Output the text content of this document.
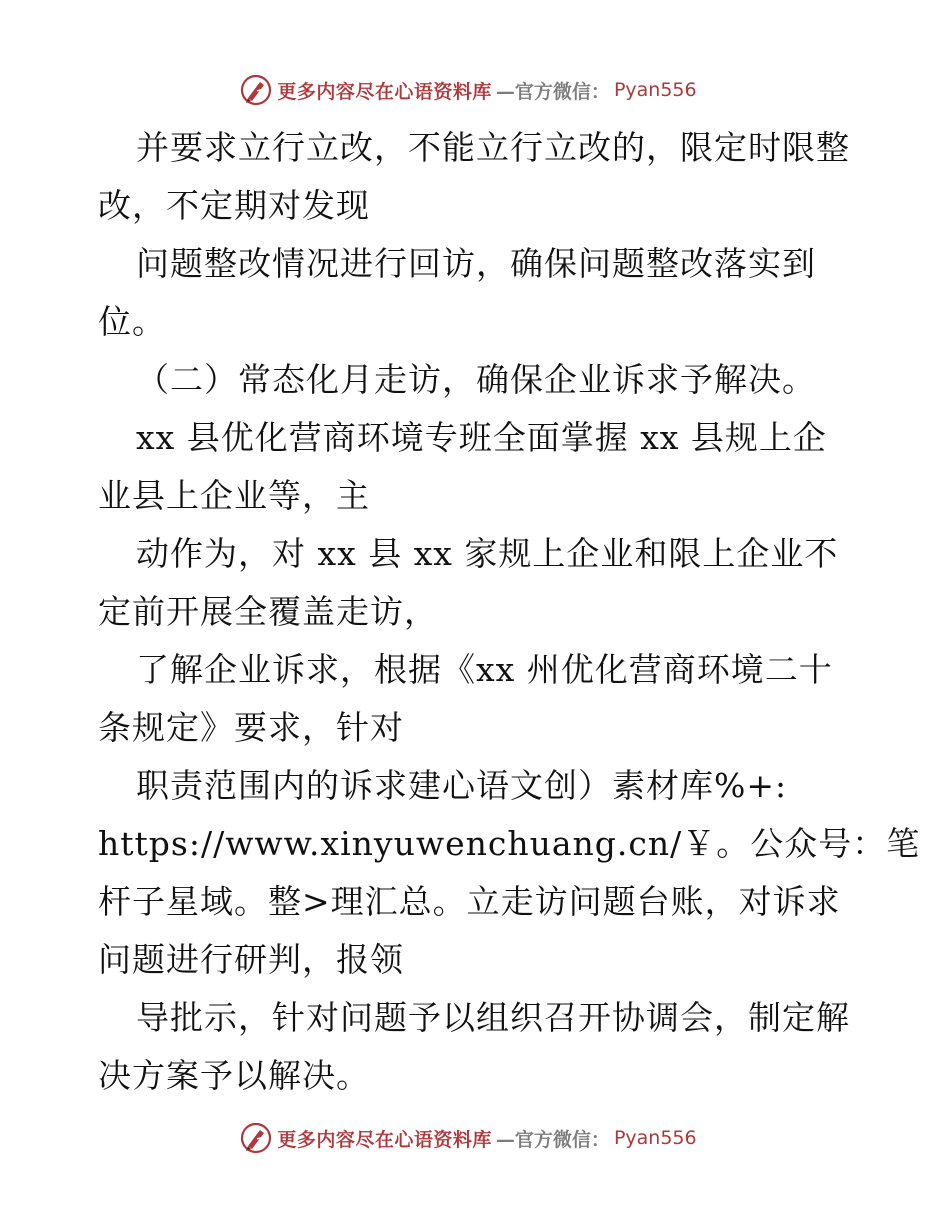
更多内容尽在心语资料库 —官方微信： Pyan556
并要求立行立改，不能立行立改的，限定时限整
改，不定期对发现
问题整改情况进行回访，确保问题整改落实到
位。
（二）常态化月走访，确保企业诉求予解决。
xx 县优化营商环境专班全面掌握 xx 县规上企
业县上企业等，主
动作为，对 xx 县 xx 家规上企业和限上企业不
定前开展全覆盖走访，
了解企业诉求，根据《xx 州优化营商环境二十
条规定》要求，针对
职责范围内的诉求建心语文创）素材库%+:
https://www.xinyuwenchuang.cn/￥。公众号：笔
杆子星域。整>理汇总。立走访问题台账，对诉求
问题进行研判，报领
导批示，针对问题予以组织召开协调会，制定解
决方案予以解决。
更多内容尽在心语资料库 —官方微信： Pyan556
